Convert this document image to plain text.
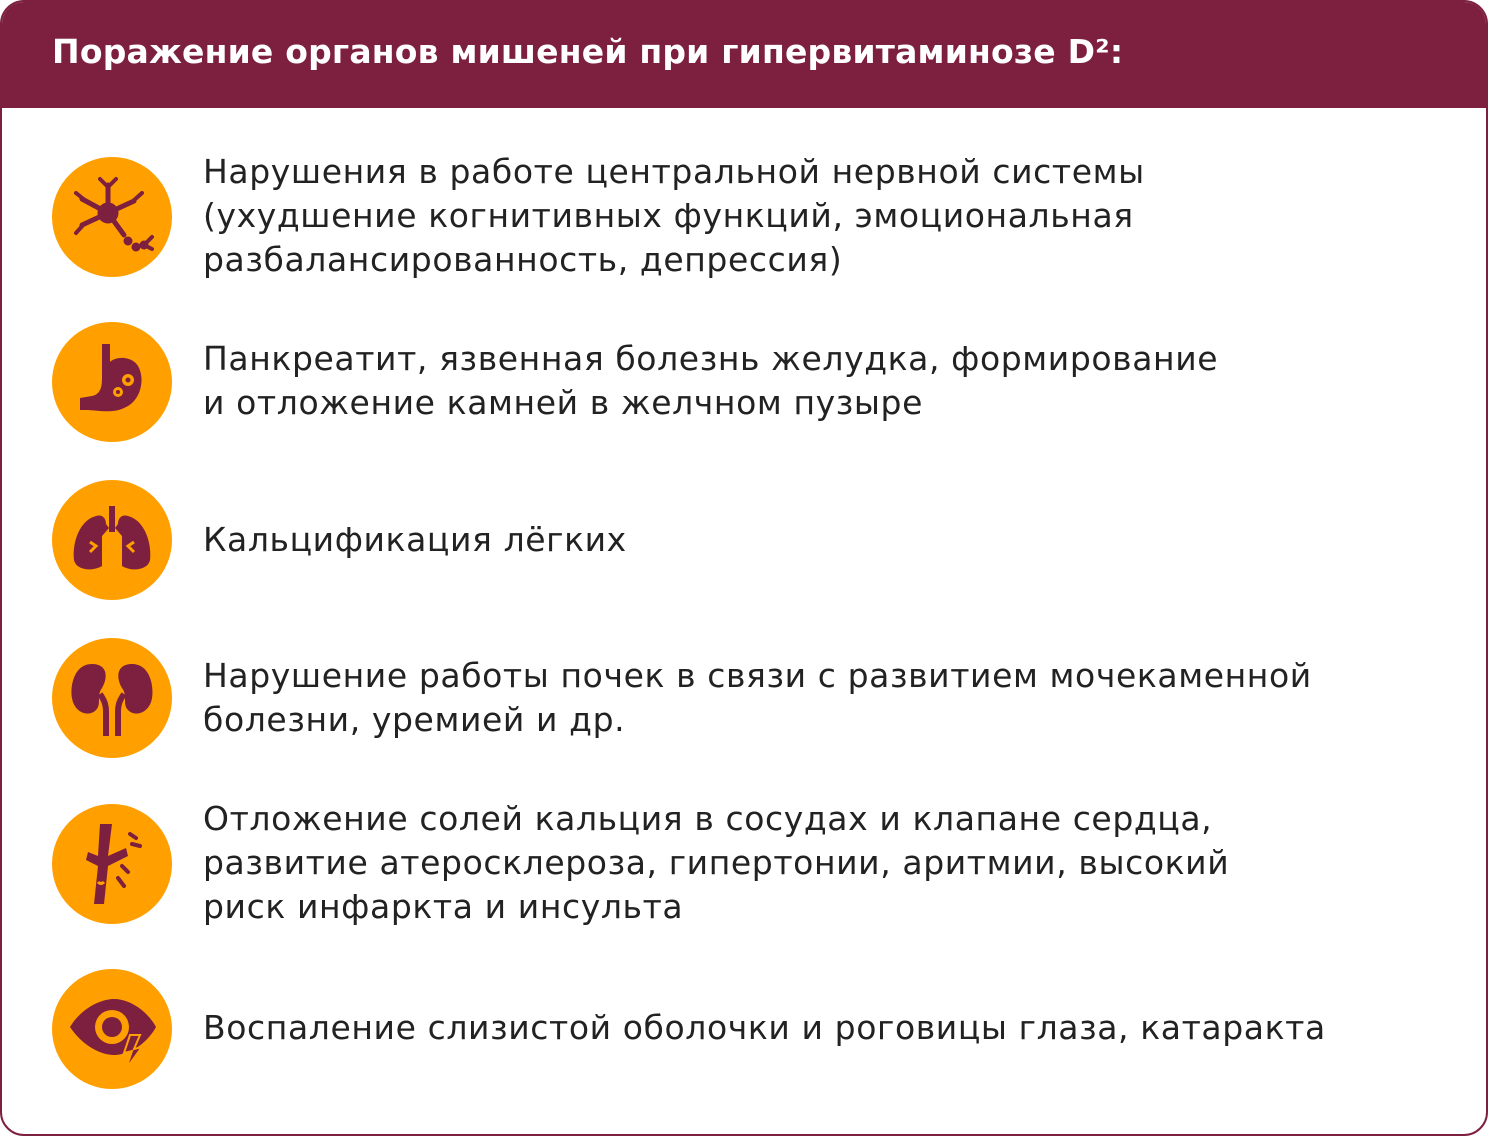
Поражение органов мишеней при гипервитаминозе D²:
Нарушения в работе центральной нервной системы
(ухудшение когнитивных функций, эмоциональная
разбалансированность, депрессия)
Панкреатит, язвенная болезнь желудка, формирование
и отложение камней в желчном пузыре
Кальцификация лёгких
Нарушение работы почек в связи с развитием мочекаменной
болезни, уремией и др.
Отложение солей кальция в сосудах и клапане сердца,
развитие атеросклероза, гипертонии, аритмии, высокий
риск инфаркта и инсульта
Воспаление слизистой оболочки и роговицы глаза, катаракта
